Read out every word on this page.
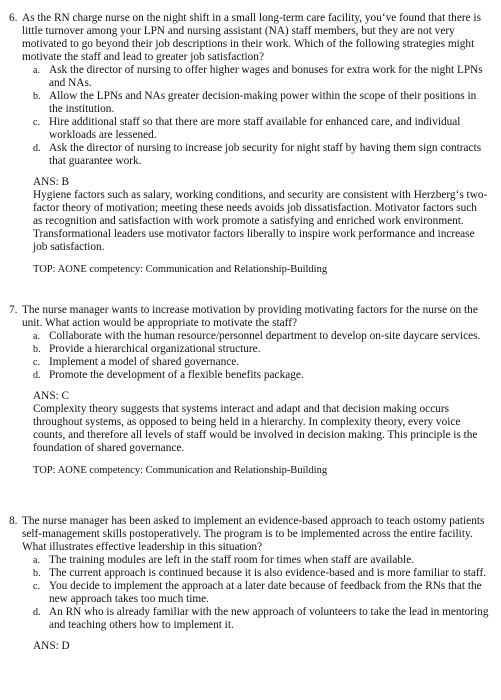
6. As the RN charge nurse on the night shift in a small long-term care facility, you‘ve found that there is little turnover among your LPN and nursing assistant (NA) staff members, but they are not very motivated to go beyond their job descriptions in their work. Which of the following strategies might motivate the staff and lead to greater job satisfaction?
a. Ask the director of nursing to offer higher wages and bonuses for extra work for the night LPNs and NAs.
b. Allow the LPNs and NAs greater decision-making power within the scope of their positions in the institution.
c. Hire additional staff so that there are more staff available for enhanced care, and individual workloads are lessened.
d. Ask the director of nursing to increase job security for night staff by having them sign contracts that guarantee work.
ANS: B
Hygiene factors such as salary, working conditions, and security are consistent with Herzberg‘s two-factor theory of motivation; meeting these needs avoids job dissatisfaction. Motivator factors such as recognition and satisfaction with work promote a satisfying and enriched work environment. Transformational leaders use motivator factors liberally to inspire work performance and increase job satisfaction.
TOP: AONE competency: Communication and Relationship-Building
7. The nurse manager wants to increase motivation by providing motivating factors for the nurse on the unit. What action would be appropriate to motivate the staff?
a. Collaborate with the human resource/personnel department to develop on-site daycare services.
b. Provide a hierarchical organizational structure.
c. Implement a model of shared governance.
d. Promote the development of a flexible benefits package.
ANS: C
Complexity theory suggests that systems interact and adapt and that decision making occurs throughout systems, as opposed to being held in a hierarchy. In complexity theory, every voice counts, and therefore all levels of staff would be involved in decision making. This principle is the foundation of shared governance.
TOP: AONE competency: Communication and Relationship-Building
8. The nurse manager has been asked to implement an evidence-based approach to teach ostomy patients self-management skills postoperatively. The program is to be implemented across the entire facility. What illustrates effective leadership in this situation?
a. The training modules are left in the staff room for times when staff are available.
b. The current approach is continued because it is also evidence-based and is more familiar to staff.
c. You decide to implement the approach at a later date because of feedback from the RNs that the new approach takes too much time.
d. An RN who is already familiar with the new approach of volunteers to take the lead in mentoring and teaching others how to implement it.
ANS: D
